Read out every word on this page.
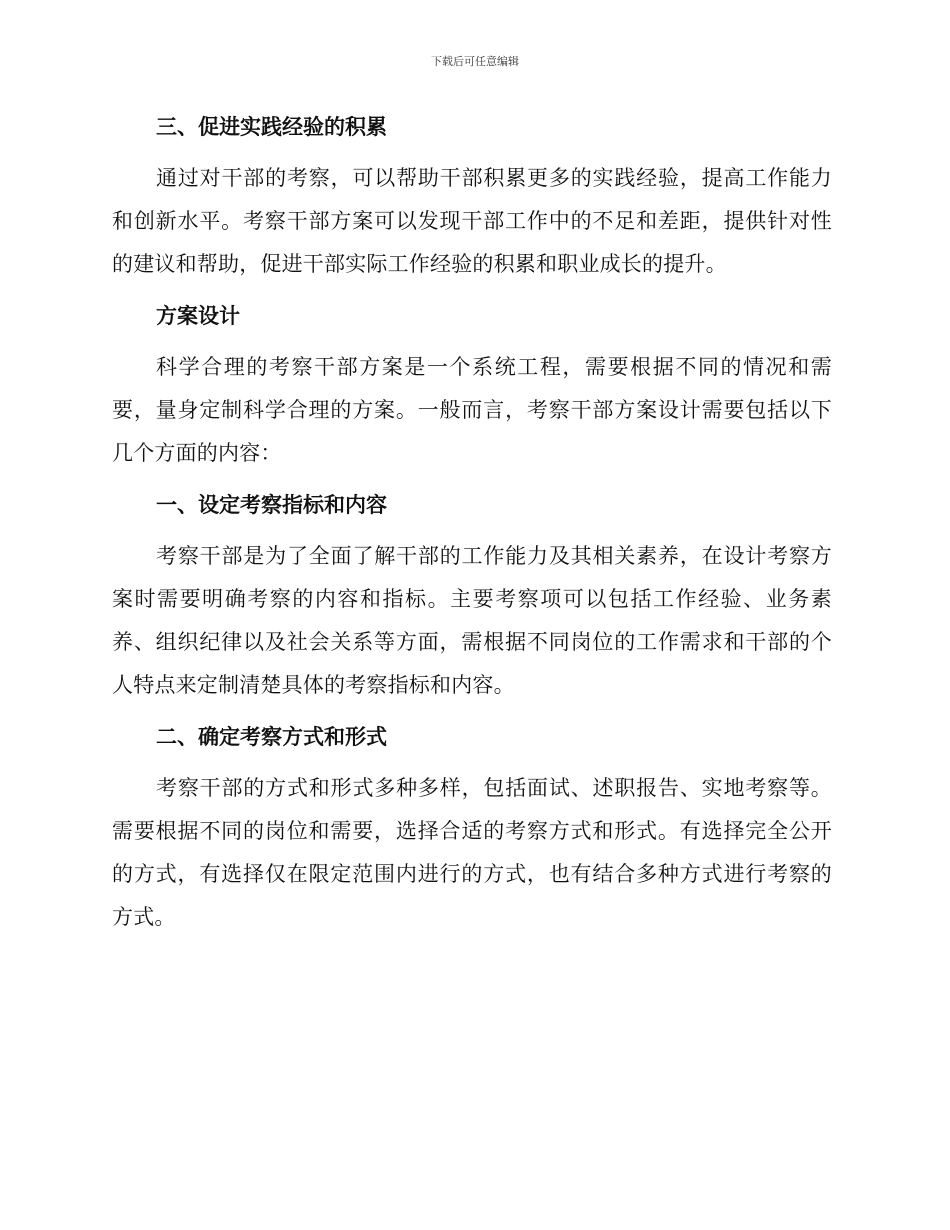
下载后可任意编辑
三、促进实践经验的积累

通过对干部的考察，可以帮助干部积累更多的实践经验，提高工作能力和创新水平。考察干部方案可以发现干部工作中的不足和差距，提供针对性的建议和帮助，促进干部实际工作经验的积累和职业成长的提升。

方案设计

科学合理的考察干部方案是一个系统工程，需要根据不同的情况和需要，量身定制科学合理的方案。一般而言，考察干部方案设计需要包括以下几个方面的内容：

一、设定考察指标和内容

考察干部是为了全面了解干部的工作能力及其相关素养，在设计考察方案时需要明确考察的内容和指标。主要考察项可以包括工作经验、业务素养、组织纪律以及社会关系等方面，需根据不同岗位的工作需求和干部的个人特点来定制清楚具体的考察指标和内容。

二、确定考察方式和形式

考察干部的方式和形式多种多样，包括面试、述职报告、实地考察等。需要根据不同的岗位和需要，选择合适的考察方式和形式。有选择完全公开的方式，有选择仅在限定范围内进行的方式，也有结合多种方式进行考察的方式。
